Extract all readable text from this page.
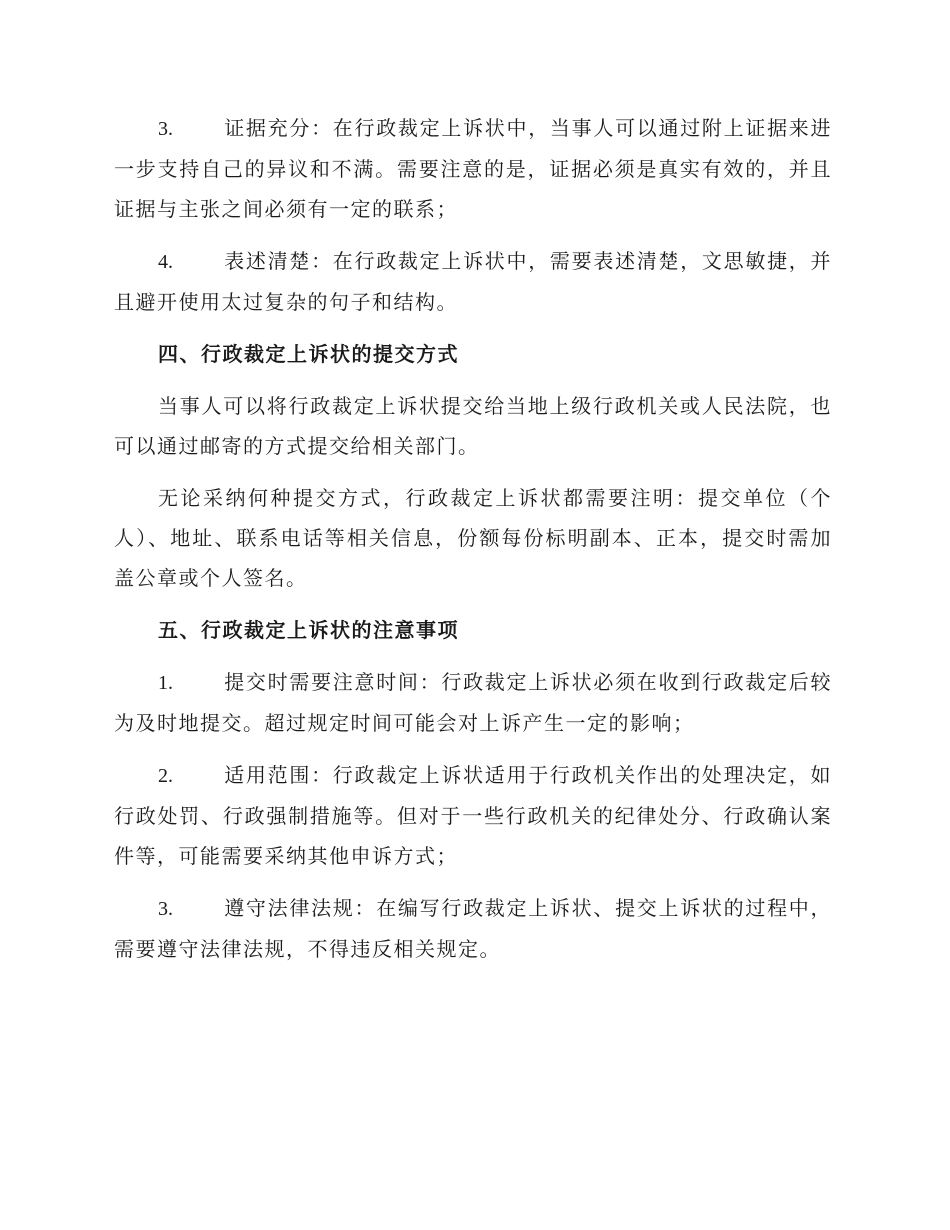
3.	证据充分：在行政裁定上诉状中，当事人可以通过附上证据来进一步支持自己的异议和不满。需要注意的是，证据必须是真实有效的，并且证据与主张之间必须有一定的联系；

4.	表述清楚：在行政裁定上诉状中，需要表述清楚，文思敏捷，并且避开使用太过复杂的句子和结构。

四、行政裁定上诉状的提交方式

当事人可以将行政裁定上诉状提交给当地上级行政机关或人民法院，也可以通过邮寄的方式提交给相关部门。

无论采纳何种提交方式，行政裁定上诉状都需要注明：提交单位（个人）、地址、联系电话等相关信息，份额每份标明副本、正本，提交时需加盖公章或个人签名。

五、行政裁定上诉状的注意事项

1.	提交时需要注意时间：行政裁定上诉状必须在收到行政裁定后较为及时地提交。超过规定时间可能会对上诉产生一定的影响；

2.	适用范围：行政裁定上诉状适用于行政机关作出的处理决定，如行政处罚、行政强制措施等。但对于一些行政机关的纪律处分、行政确认案件等，可能需要采纳其他申诉方式；

3.	遵守法律法规：在编写行政裁定上诉状、提交上诉状的过程中，需要遵守法律法规，不得违反相关规定。
